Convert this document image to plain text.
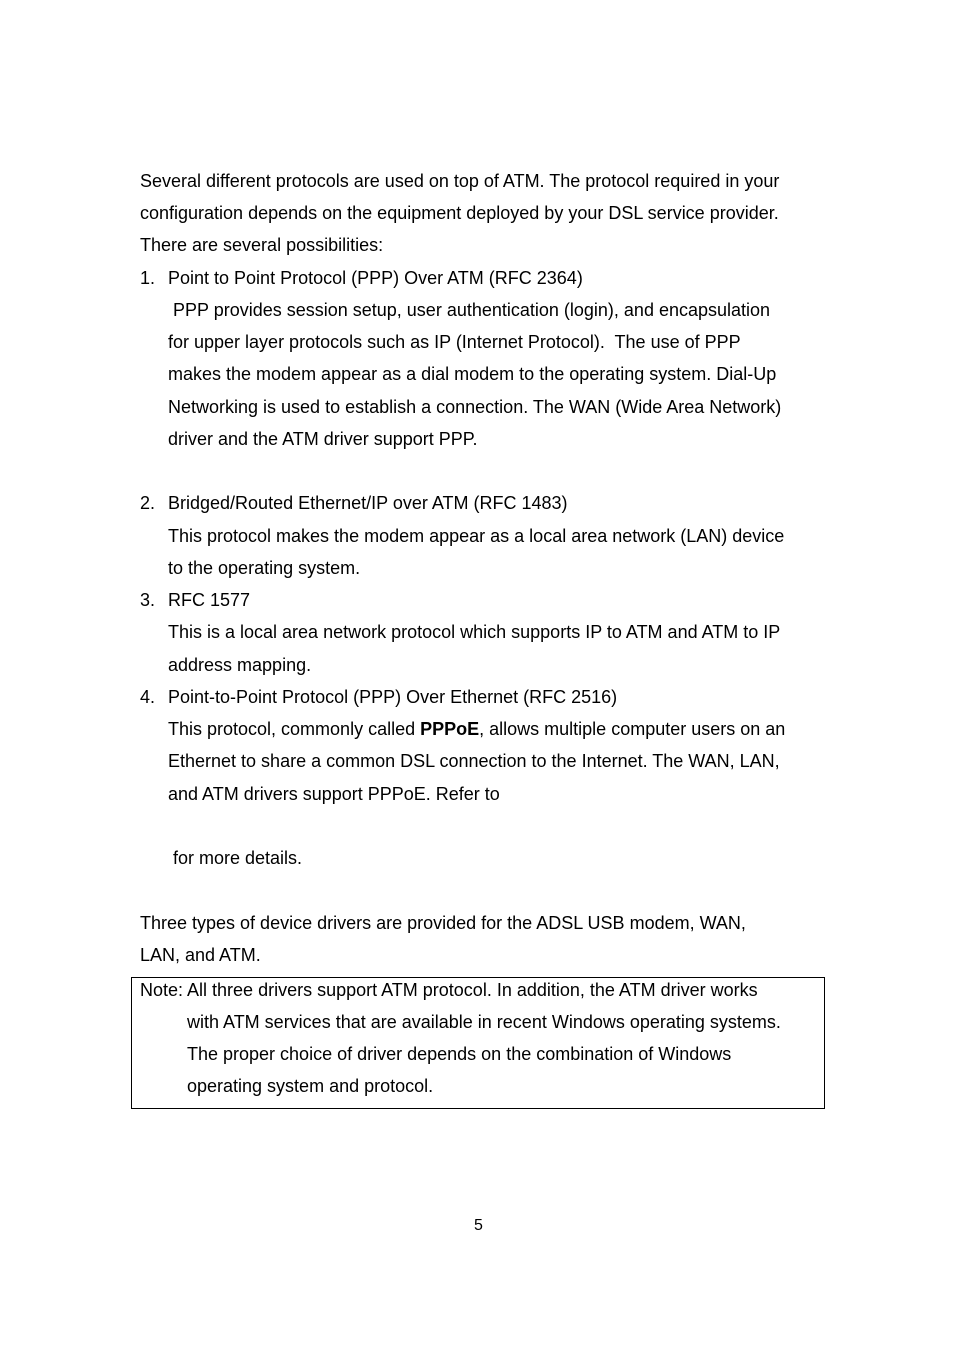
Several different protocols are used on top of ATM. The protocol required in your
configuration depends on the equipment deployed by your DSL service provider.
There are several possibilities:
1. Point to Point Protocol (PPP) Over ATM (RFC 2364)
PPP provides session setup, user authentication (login), and encapsulation
for upper layer protocols such as IP (Internet Protocol).  The use of PPP
makes the modem appear as a dial modem to the operating system. Dial-Up
Networking is used to establish a connection. The WAN (Wide Area Network)
driver and the ATM driver support PPP.
2. Bridged/Routed Ethernet/IP over ATM (RFC 1483)
This protocol makes the modem appear as a local area network (LAN) device
to the operating system.
3. RFC 1577
This is a local area network protocol which supports IP to ATM and ATM to IP
address mapping.
4. Point-to-Point Protocol (PPP) Over Ethernet (RFC 2516)
This protocol, commonly called PPPoE, allows multiple computer users on an
Ethernet to share a common DSL connection to the Internet. The WAN, LAN,
and ATM drivers support PPPoE. Refer to
for more details.
Three types of device drivers are provided for the ADSL USB modem, WAN,
LAN, and ATM.
Note: All three drivers support ATM protocol. In addition, the ATM driver works
with ATM services that are available in recent Windows operating systems.
The proper choice of driver depends on the combination of Windows
operating system and protocol.
5
